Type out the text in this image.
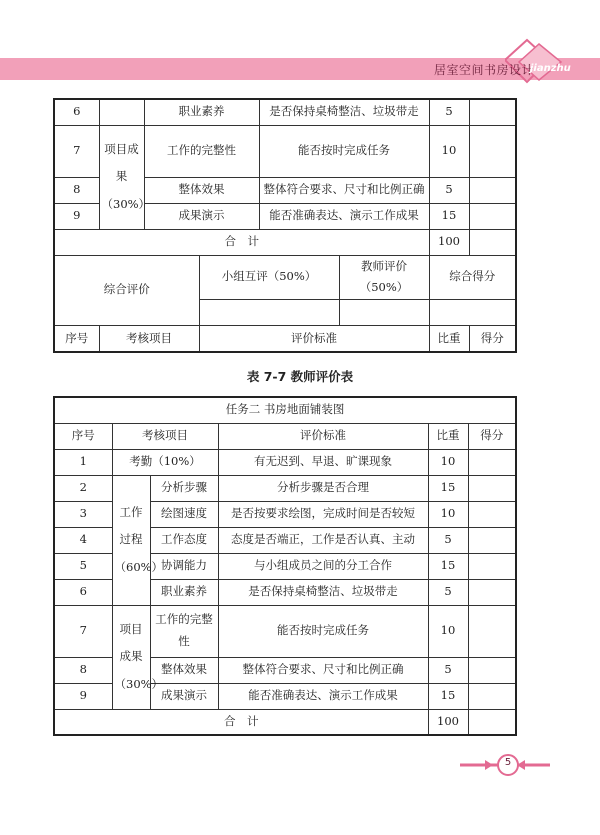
居室空间书房设计
jianzhu
6		职业素养		是否保持桌椅整洁、垃圾带走		5	
7	项目成果（30%）	工作的完整性		能否按时完成任务		10	
8		整体效果		整体符合要求、尺寸和比例正确		5	
9		成果演示		能否准确表达、演示工作成果		15	
合　计						100	
综合评价			小组互评（50%）		教师评价（50%）	综合得分	

序号	考核项目		评价标准			比重	得分
表 7-7 教师评价表
任务二 书房地面铺装图					
序号	考核项目		评价标准	比重	得分
1	考勤（10%）		有无迟到、早退、旷课现象	10	
2	工作过程（60%）	分析步骤	分析步骤是否合理	15	
3		绘图速度	是否按要求绘图，完成时间是否较短	10	
4		工作态度	态度是否端正，工作是否认真、主动	5	
5		协调能力	与小组成员之间的分工合作	15	
6		职业素养	是否保持桌椅整洁、垃圾带走	5	
7	项目成果（30%）	工作的完整性	能否按时完成任务	10	
8		整体效果	整体符合要求、尺寸和比例正确	5	
9		成果演示	能否准确表达、演示工作成果	15	
合　计				100	
5
